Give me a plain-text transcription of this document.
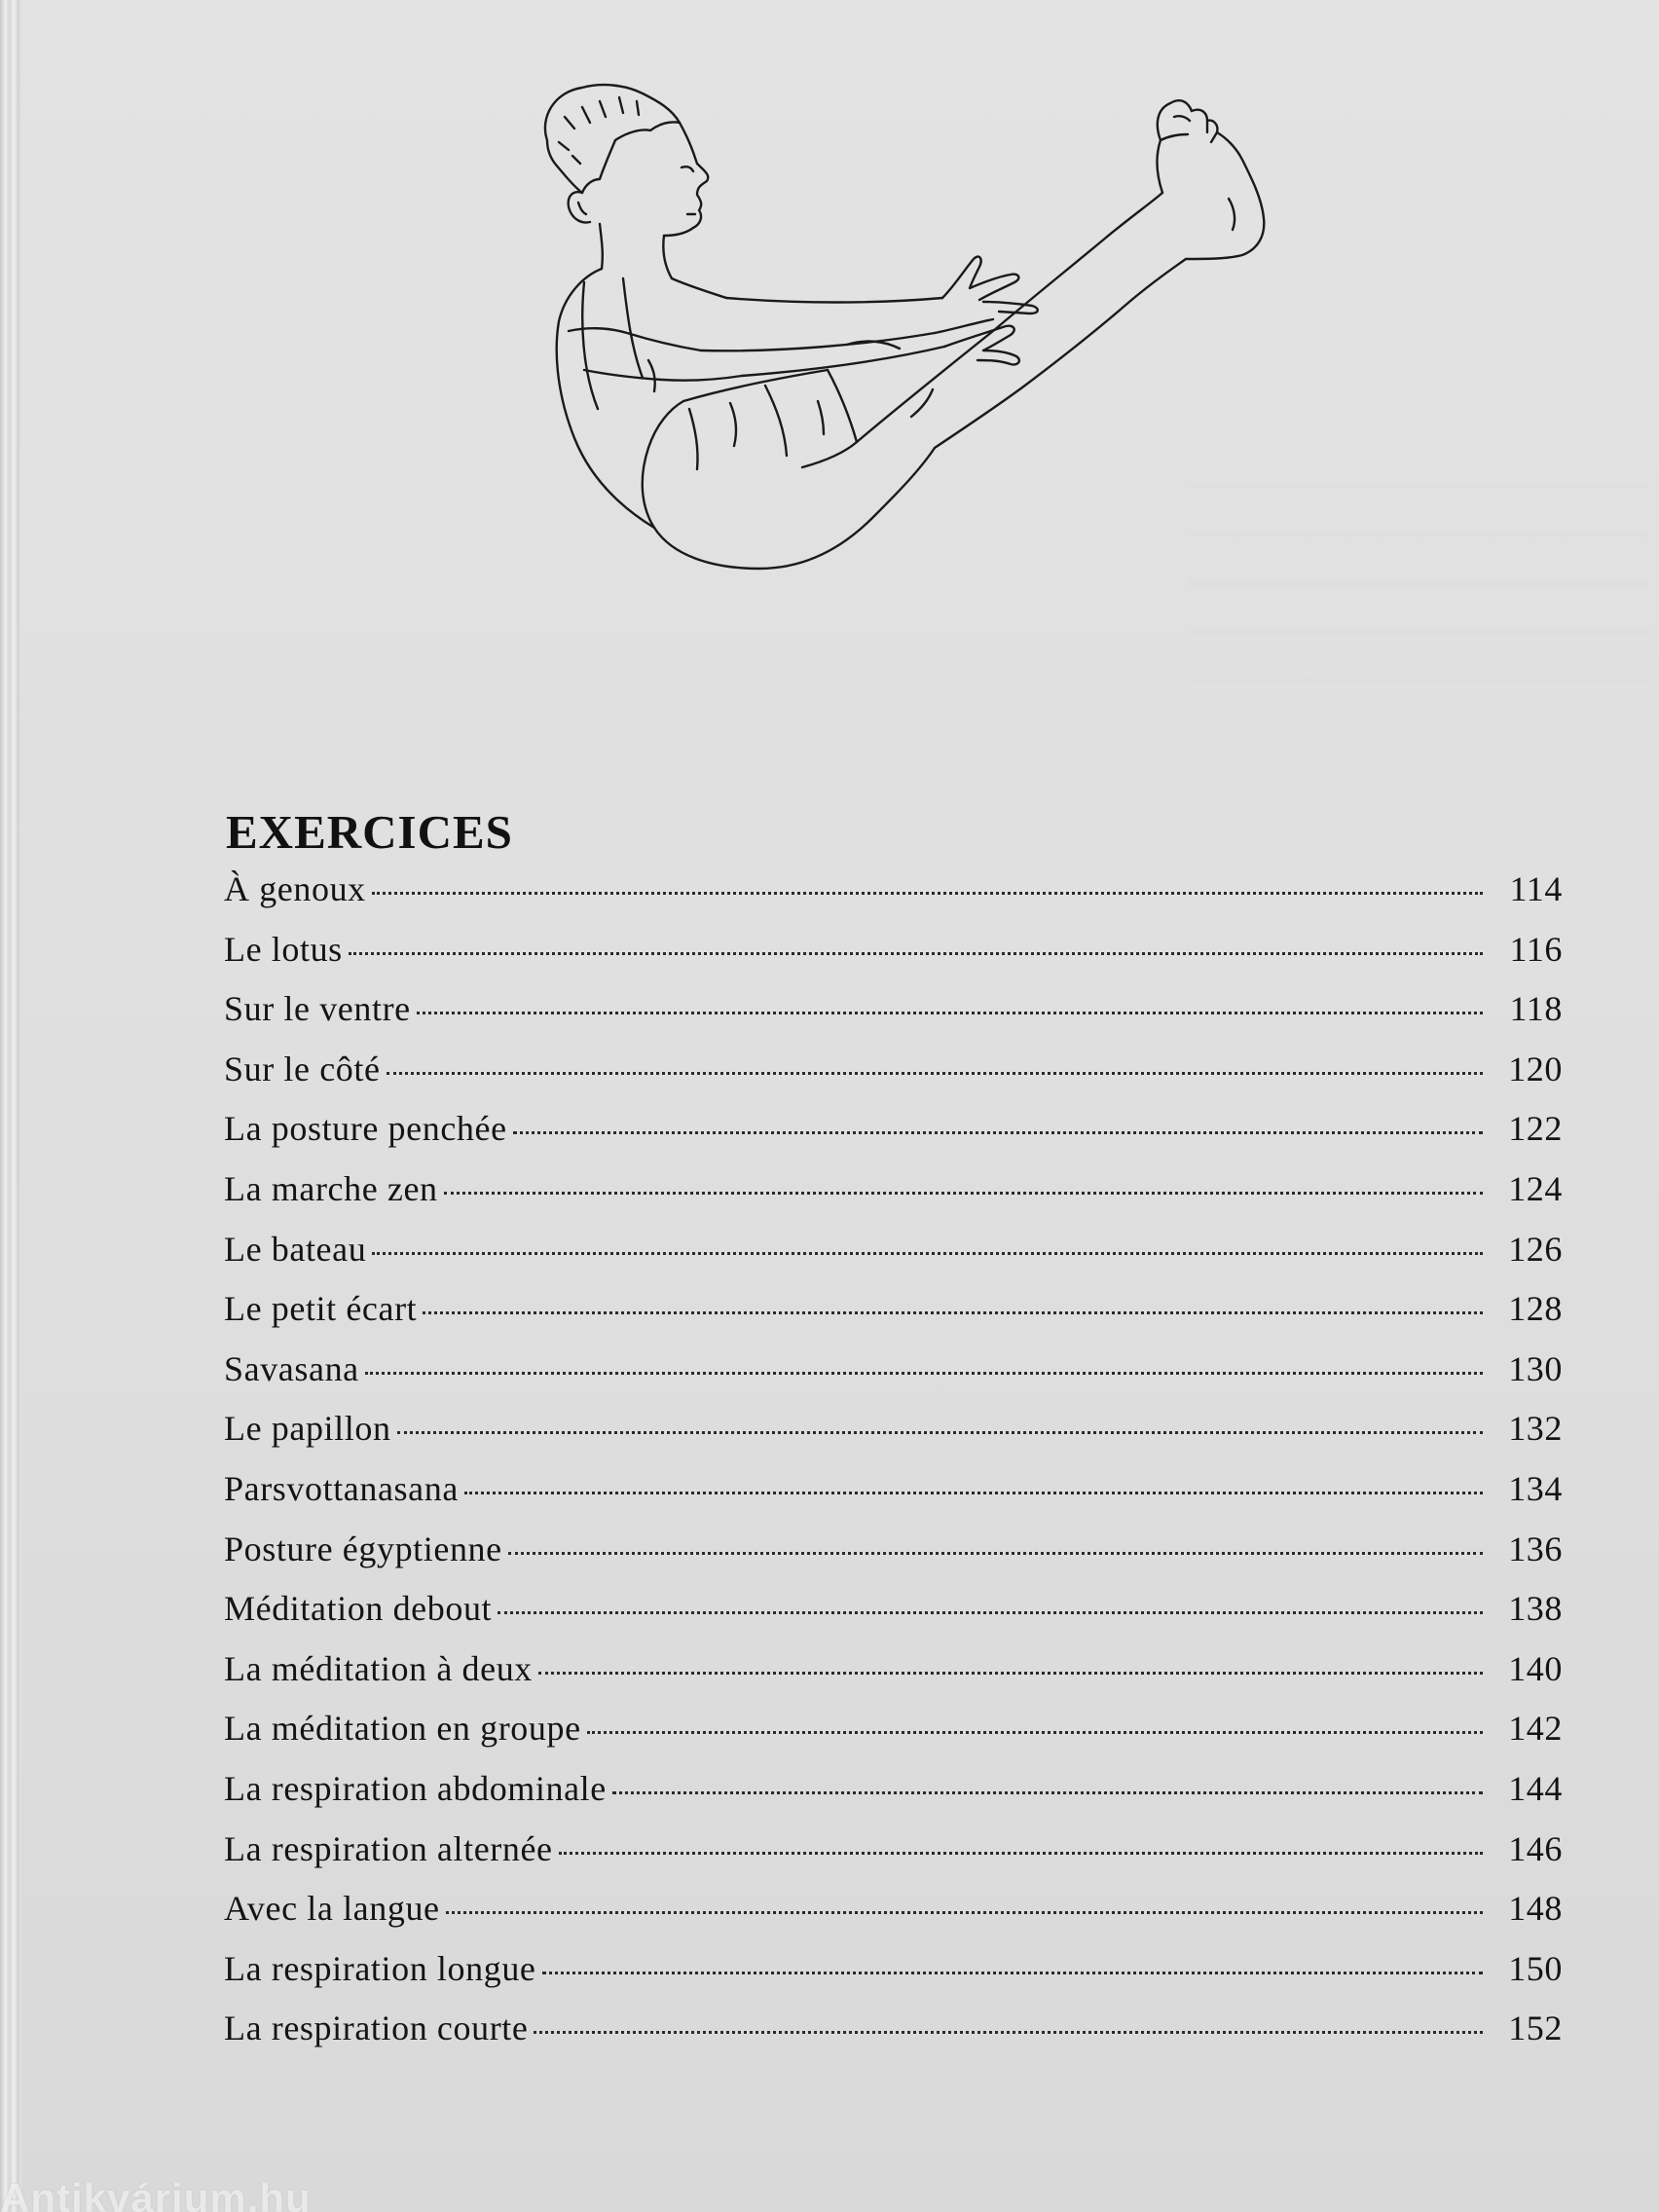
EXERCICES
À genoux	114
Le lotus	116
Sur le ventre	118
Sur le côté	120
La posture penchée	122
La marche zen	124
Le bateau	126
Le petit écart	128
Savasana	130
Le papillon	132
Parsvottanasana	134
Posture égyptienne	136
Méditation debout	138
La méditation à deux	140
La méditation en groupe	142
La respiration abdominale	144
La respiration alternée	146
Avec la langue	148
La respiration longue	150
La respiration courte	152
Antikvárium.hu
